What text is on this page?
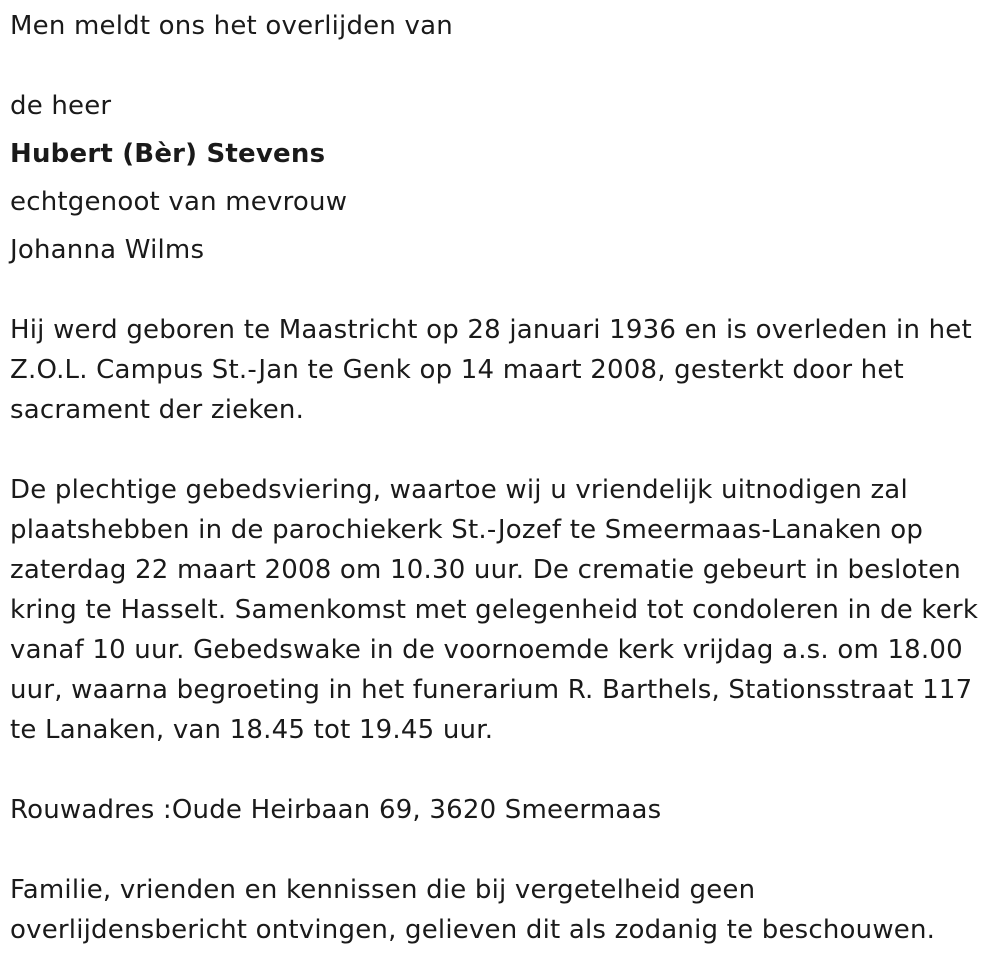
Men meldt ons het overlijden van
de heer
Hubert (Bèr) Stevens
echtgenoot van mevrouw
Johanna Wilms
Hij werd geboren te Maastricht op 28 januari 1936 en is overleden in het
Z.O.L. Campus St.-Jan te Genk op 14 maart 2008, gesterkt door het
sacrament der zieken.
De plechtige gebedsviering, waartoe wij u vriendelijk uitnodigen zal
plaatshebben in de parochiekerk St.-Jozef te Smeermaas-Lanaken op
zaterdag 22 maart 2008 om 10.30 uur. De crematie gebeurt in besloten
kring te Hasselt. Samenkomst met gelegenheid tot condoleren in de kerk
vanaf 10 uur. Gebedswake in de voornoemde kerk vrijdag a.s. om 18.00
uur, waarna begroeting in het funerarium R. Barthels, Stationsstraat 117
te Lanaken, van 18.45 tot 19.45 uur.
Rouwadres :Oude Heirbaan 69, 3620 Smeermaas
Familie, vrienden en kennissen die bij vergetelheid geen
overlijdensbericht ontvingen, gelieven dit als zodanig te beschouwen.
